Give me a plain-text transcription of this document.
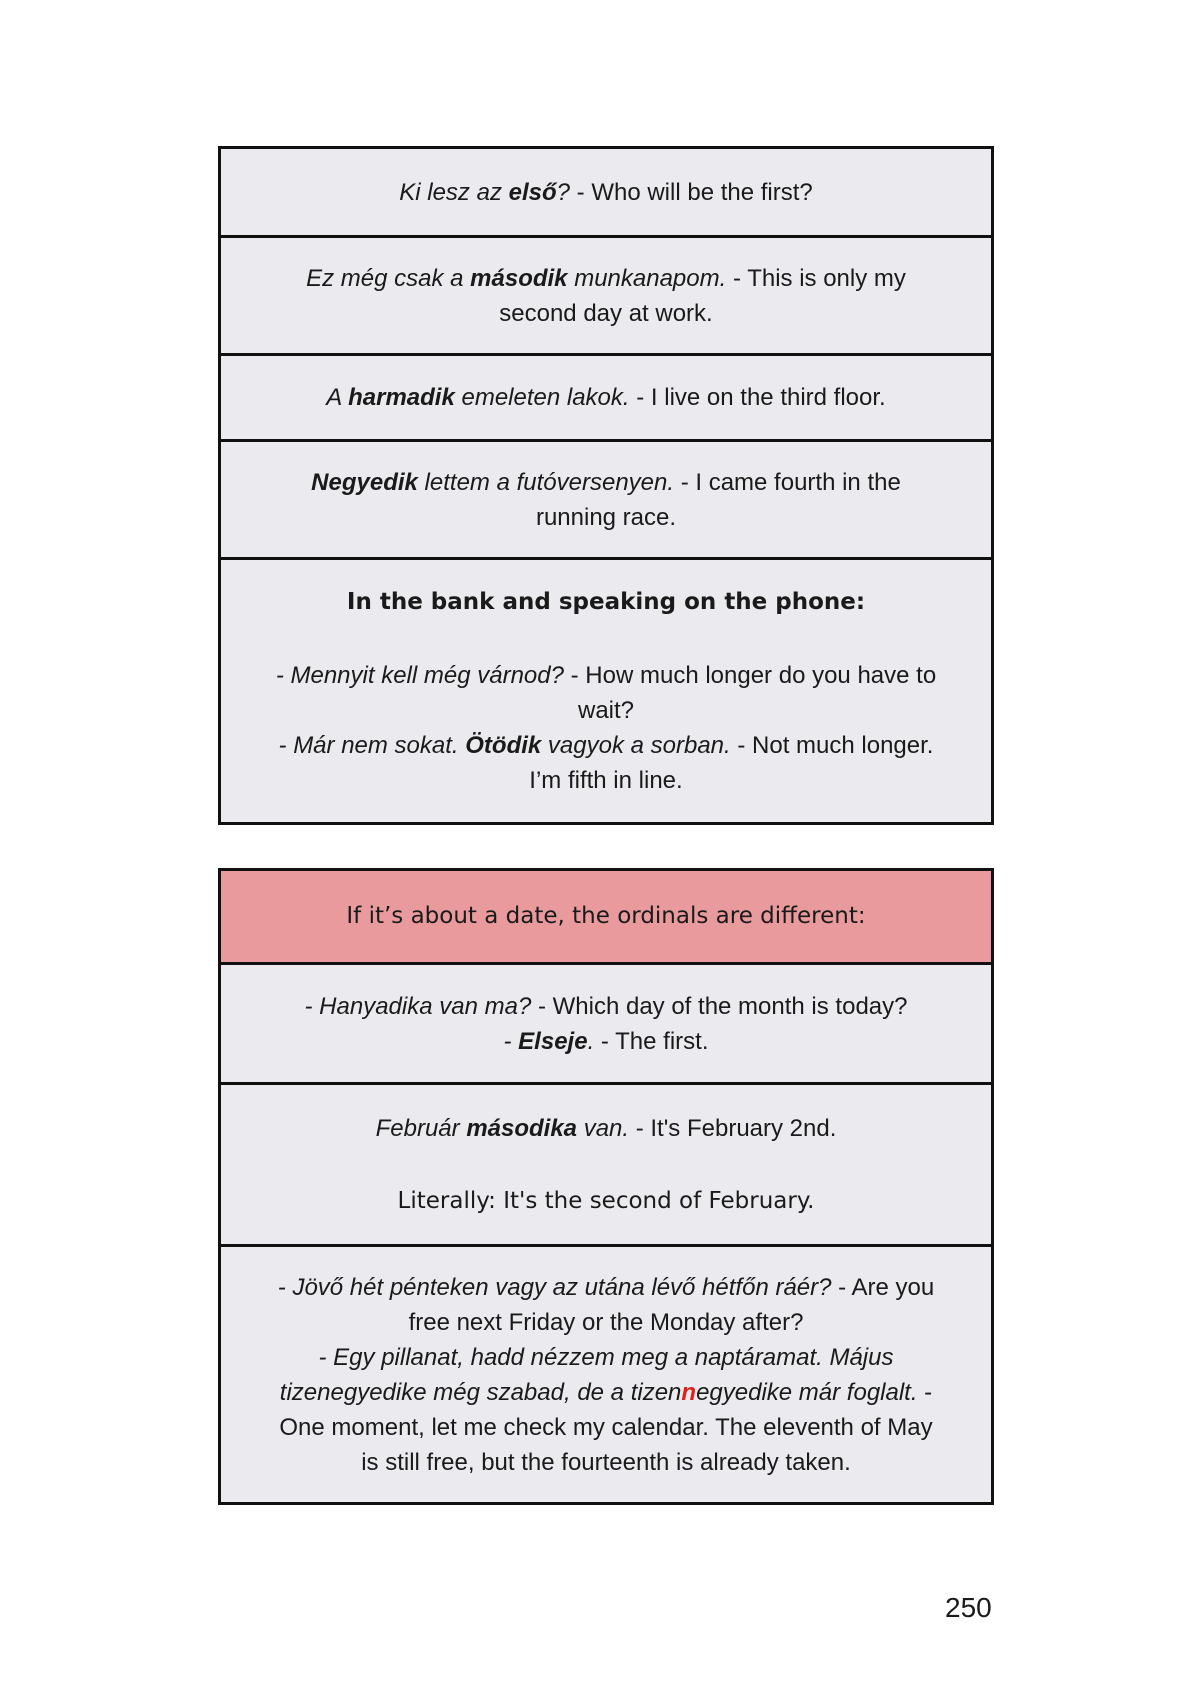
Ki lesz az első? - Who will be the first?
Ez még csak a második munkanapom. - This is only my
second day at work.
A harmadik emeleten lakok. - I live on the third floor.
Negyedik lettem a futóversenyen. - I came fourth in the
running race.
In the bank and speaking on the phone:
- Mennyit kell még várnod? - How much longer do you have to
wait?
- Már nem sokat. Ötödik vagyok a sorban. - Not much longer.
I’m fifth in line.
If it’s about a date, the ordinals are different:
- Hanyadika van ma? - Which day of the month is today?
- Elseje. - The first.
Február másodika van. - It's February 2nd.
Literally: It's the second of February.
- Jövő hét pénteken vagy az utána lévő hétfőn ráér? - Are you
free next Friday or the Monday after?
- Egy pillanat, hadd nézzem meg a naptáramat. Május
tizenegyedike még szabad, de a tizennegyedike már foglalt. -
One moment, let me check my calendar. The eleventh of May
is still free, but the fourteenth is already taken.
250
